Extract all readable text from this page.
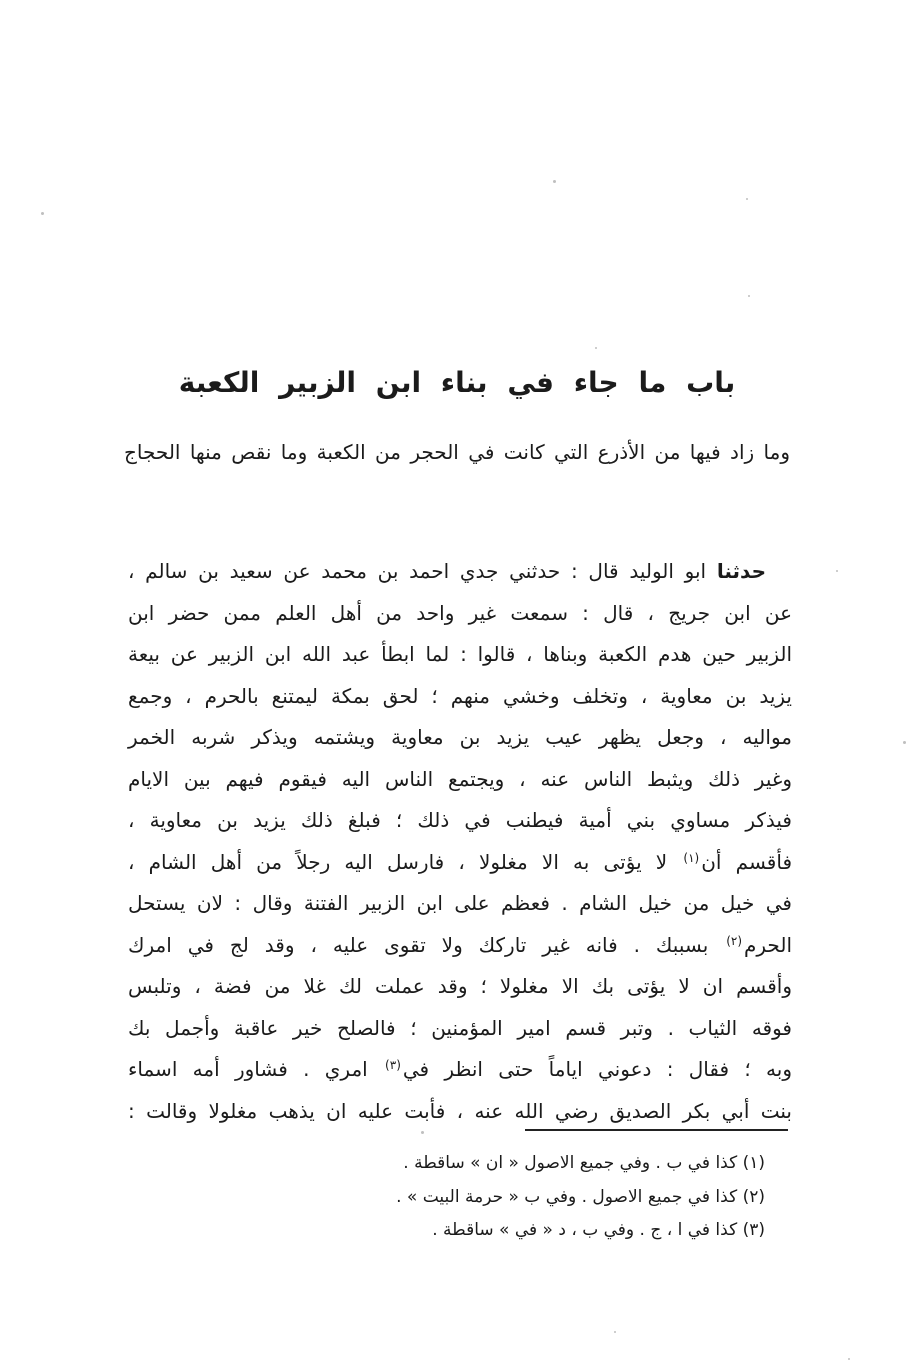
باب ما جاء في بناء ابن الزبير الكعبة
وما زاد فيها من الأذرع التي كانت في الحجر من الكعبة وما نقص منها الحجاج
حدثنا ابو الوليد قال : حدثني جدي احمد بن محمد عن سعيد بن سالم ،
عن ابن جريج ، قال : سمعت غير واحد من أهل العلم ممن حضر ابن
الزبير حين هدم الكعبة وبناها ، قالوا : لما ابطأ عبد الله ابن الزبير عن بيعة
يزيد بن معاوية ، وتخلف وخشي منهم ؛ لحق بمكة ليمتنع بالحرم ، وجمع
مواليه ، وجعل يظهر عيب يزيد بن معاوية ويشتمه ويذكر شربه الخمر
وغير ذلك ويثبط الناس عنه ، ويجتمع الناس اليه فيقوم فيهم بين الايام
فيذكر مساوي بني أمية فيطنب في ذلك ؛ فبلغ ذلك يزيد بن معاوية ،
فأقسم أن$^{(١)}$ لا يؤتى به الا مغلولا ، فارسل اليه رجلاً من أهل الشام ،
في خيل من خيل الشام . فعظم على ابن الزبير الفتنة وقال : لان يستحل
الحرم$^{(٢)}$ بسببك . فانه غير تاركك ولا تقوى عليه ، وقد لج في امرك
وأقسم ان لا يؤتى بك الا مغلولا ؛ وقد عملت لك غلا من فضة ، وتلبس
فوقه الثياب . وتبر قسم امير المؤمنين ؛ فالصلح خير عاقبة وأجمل بك
وبه ؛ فقال : دعوني اياماً حتى انظر في$^{(٣)}$ امري . فشاور أمه اسماء
بنت أبي بكر الصديق رضي الله عنه ، فأبت عليه ان يذهب مغلولا وقالت :
(١) كذا في ب . وفي جميع الاصول « ان » ساقطة .
(٢) كذا في جميع الاصول . وفي ب « حرمة البيت » .
(٣) كذا في ا ، ج . وفي ب ، د « في » ساقطة .
